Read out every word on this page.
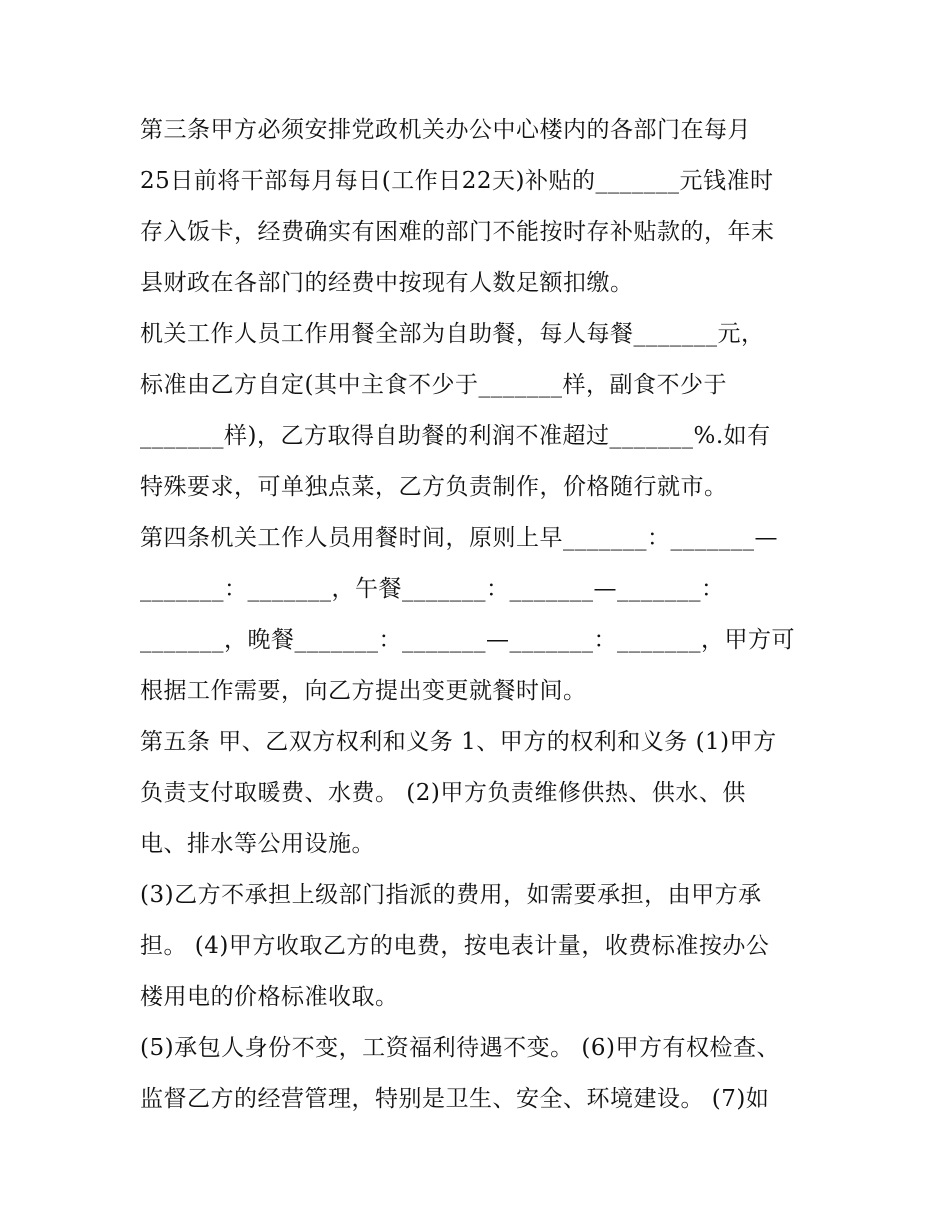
第三条甲方必须安排党政机关办公中心楼内的各部门在每月
25日前将干部每月每日(工作日22天)补贴的_______元钱准时
存入饭卡，经费确实有困难的部门不能按时存补贴款的，年末
县财政在各部门的经费中按现有人数足额扣缴。
机关工作人员工作用餐全部为自助餐，每人每餐_______元，
标准由乙方自定(其中主食不少于_______样，副食不少于
_______样)，乙方取得自助餐的利润不准超过_______%.如有
特殊要求，可单独点菜，乙方负责制作，价格随行就市。
第四条机关工作人员用餐时间，原则上早_______：_______—
_______：_______，午餐_______：_______—_______：
_______，晚餐_______：_______—_______：_______，甲方可
根据工作需要，向乙方提出变更就餐时间。
第五条 甲、乙双方权利和义务 1、甲方的权利和义务 (1)甲方
负责支付取暖费、水费。 (2)甲方负责维修供热、供水、供
电、排水等公用设施。
(3)乙方不承担上级部门指派的费用，如需要承担，由甲方承
担。 (4)甲方收取乙方的电费，按电表计量，收费标准按办公
楼用电的价格标准收取。
(5)承包人身份不变，工资福利待遇不变。 (6)甲方有权检查、
监督乙方的经营管理，特别是卫生、安全、环境建设。 (7)如
